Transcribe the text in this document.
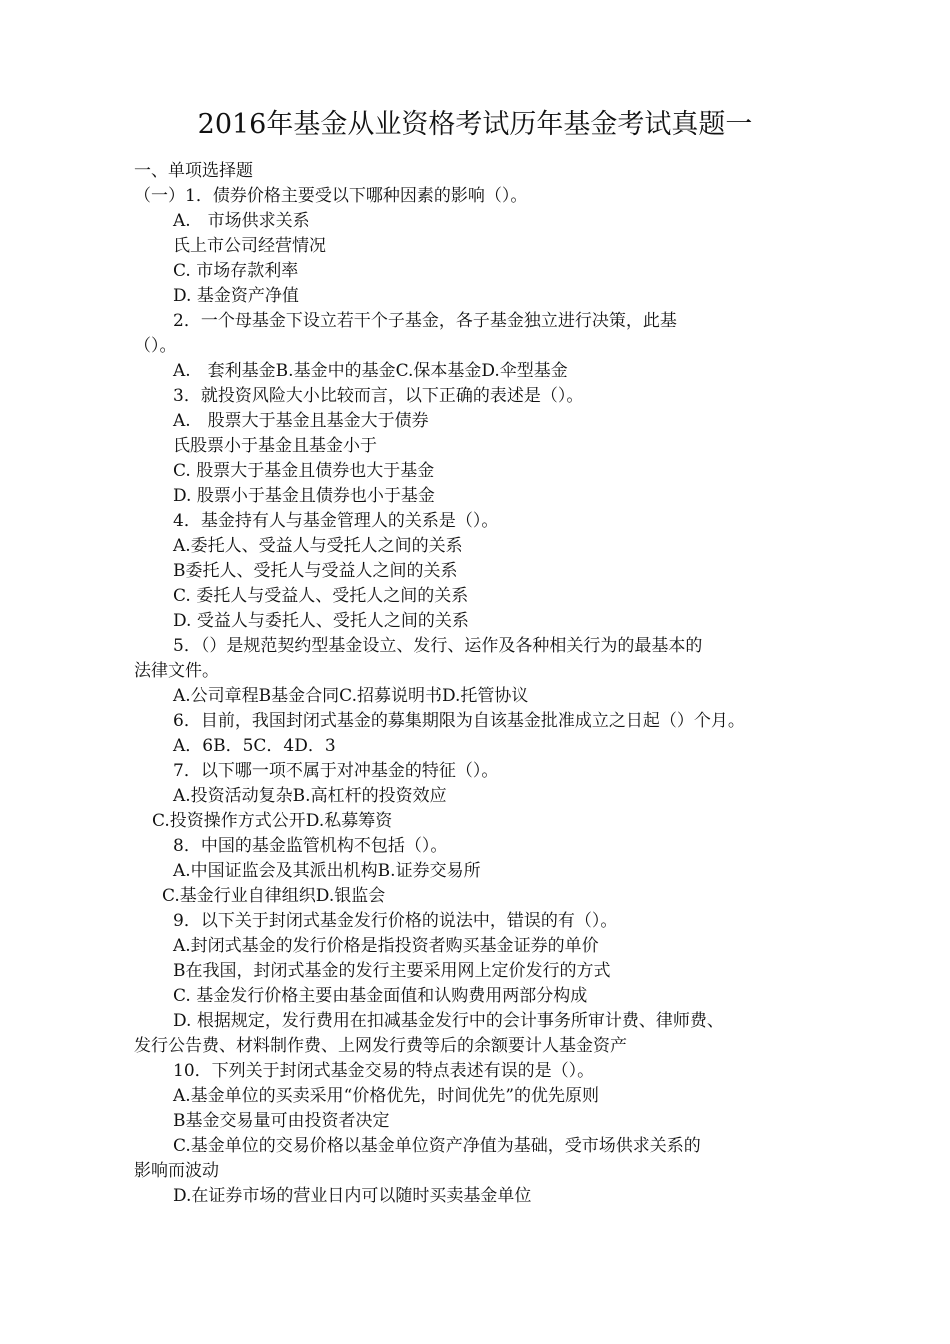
2016年基金从业资格考试历年基金考试真题一
一、单项选择题
（一）1．债券价格主要受以下哪种因素的影响（）。
A.　市场供求关系
氏上市公司经营情况
C. 市场存款利率
D. 基金资产净值
2．一个母基金下设立若干个子基金，各子基金独立进行决策，此基
（）。
A.　套利基金B.基金中的基金C.保本基金D.伞型基金
3．就投资风险大小比较而言，以下正确的表述是（）。
A.　股票大于基金且基金大于债券
氏股票小于基金且基金小于
C. 股票大于基金且债券也大于基金
D. 股票小于基金且债券也小于基金
4．基金持有人与基金管理人的关系是（）。
A.委托人、受益人与受托人之间的关系
B委托人、受托人与受益人之间的关系
C. 委托人与受益人、受托人之间的关系
D. 受益人与委托人、受托人之间的关系
5．（）是规范契约型基金设立、发行、运作及各种相关行为的最基本的
法律文件。
A.公司章程B基金合同C.招募说明书D.托管协议
6．目前，我国封闭式基金的募集期限为自该基金批准成立之日起（）个月。
A．6B．5C．4D．3
7．以下哪一项不属于对冲基金的特征（）。
A.投资活动复杂B.高杠杆的投资效应
C.投资操作方式公开D.私募筹资
8．中国的基金监管机构不包括（）。
A.中国证监会及其派出机构B.证券交易所
C.基金行业自律组织D.银监会
9．以下关于封闭式基金发行价格的说法中，错误的有（）。
A.封闭式基金的发行价格是指投资者购买基金证券的单价
B在我国，封闭式基金的发行主要采用网上定价发行的方式
C. 基金发行价格主要由基金面值和认购费用两部分构成
D. 根据规定，发行费用在扣减基金发行中的会计事务所审计费、律师费、
发行公告费、材料制作费、上网发行费等后的余额要计人基金资产
10．下列关于封闭式基金交易的特点表述有误的是（）。
A.基金单位的买卖采用“价格优先，时间优先”的优先原则
B基金交易量可由投资者决定
C.基金单位的交易价格以基金单位资产净值为基础，受市场供求关系的
影响而波动
D.在证券市场的营业日内可以随时买卖基金单位
